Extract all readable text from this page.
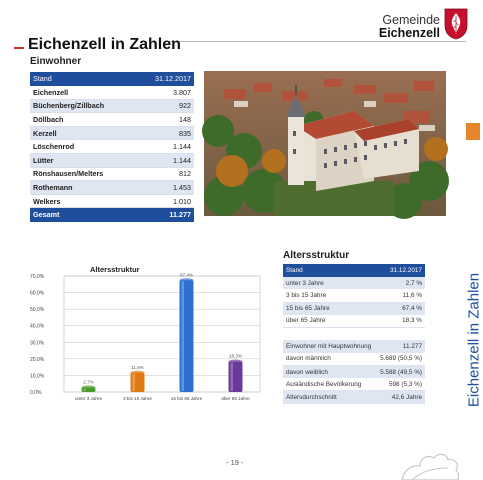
Gemeinde
Eichenzell
Eichenzell in Zahlen
Einwohner
Stand	31.12.2017
Eichenzell	3.807
Büchenberg/Zillbach	922
Döllbach	148
Kerzell	835
Löschenrod	1.144
Lütter	1.144
Rönshausen/Melters	812
Rothemann	1.453
Welkers	1.010
Gesamt	11.277
Eichenzell in Zahlen
0,0%
10,0%
20,0%
30,0%
40,0%
50,0%
60,0%
70,0%
2,7%
11,6%
67,4%
18,3%
unter 3 Jahre	3 bis 15 Jahre	15 bis 65 Jahre	über 65 Jahre
Altersstruktur
Altersstruktur
Stand	31.12.2017
unter 3 Jahre	2,7 %
3 bis 15 Jahre	11,6 %
15 bis 65 Jahre	67,4 %
über 65 Jahre	18,3 %

Einwohner mit Hauptwohnung	11.277
davon männlich	5.689 (50,5 %)
davon weiblich	5.588 (49,5 %)
Ausländische Bevölkerung	598 (5,3 %)
Altersdurchschnitt	42,6 Jahre
- 19 -
